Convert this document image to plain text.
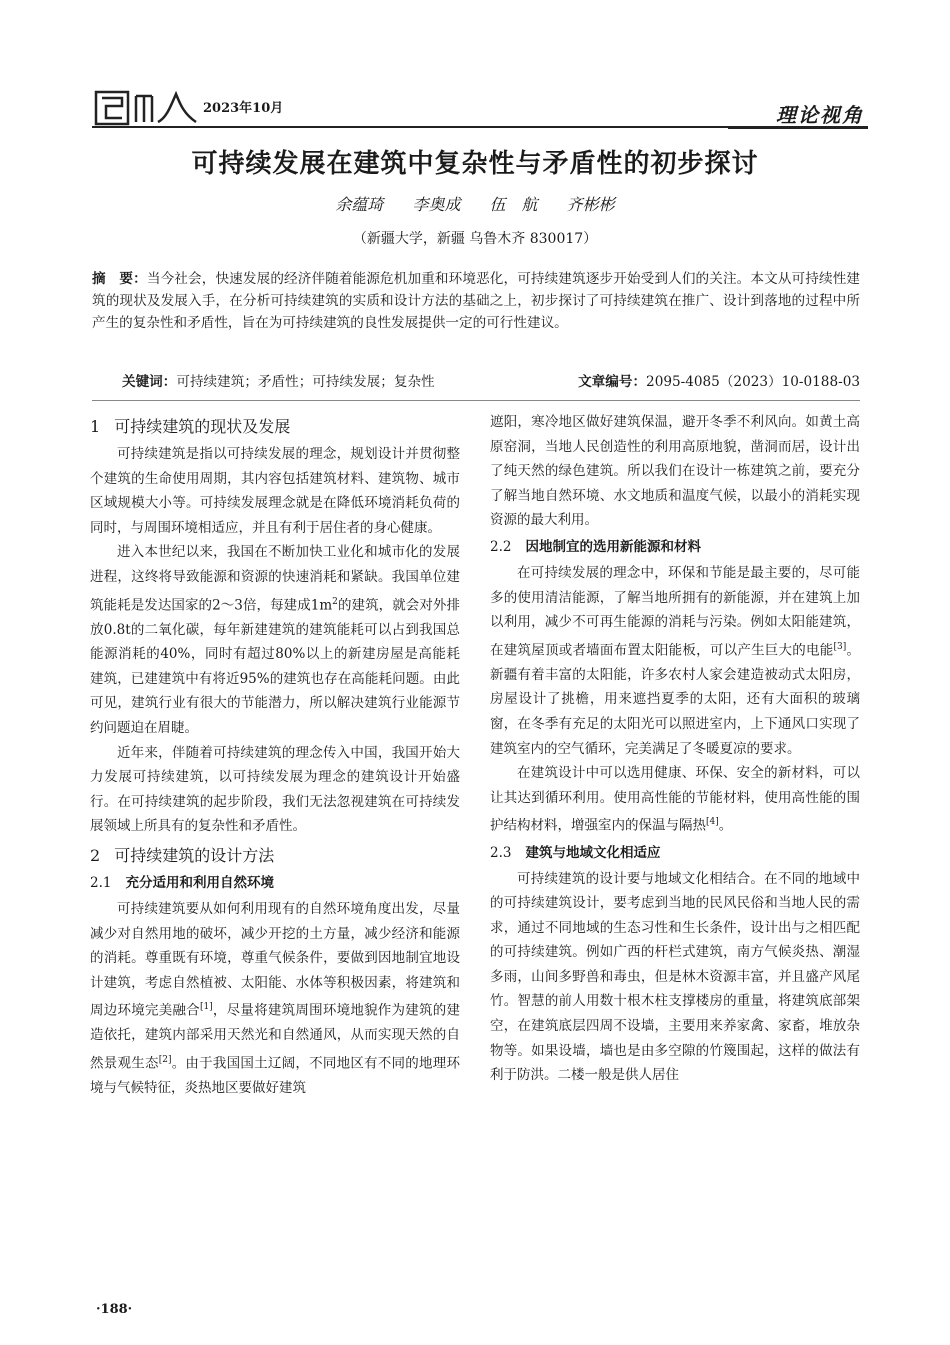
2023年10月	理论视角
可持续发展在建筑中复杂性与矛盾性的初步探讨
余蕴琦 李奥成 伍　航 齐彬彬
（新疆大学，新疆 乌鲁木齐 830017）
摘　要：当今社会，快速发展的经济伴随着能源危机加重和环境恶化，可持续建筑逐步开始受到人们的关注。本文从可持续性建筑的现状及发展入手，在分析可持续建筑的实质和设计方法的基础之上，初步探讨了可持续建筑在推广、设计到落地的过程中所产生的复杂性和矛盾性，旨在为可持续建筑的良性发展提供一定的可行性建议。
关键词：可持续建筑；矛盾性；可持续发展；复杂性	文章编号：2095-4085（2023）10-0188-03
1 可持续建筑的现状及发展

可持续建筑是指以可持续发展的理念，规划设计并贯彻整个建筑的生命使用周期，其内容包括建筑材料、建筑物、城市区域规模大小等。可持续发展理念就是在降低环境消耗负荷的同时，与周围环境相适应，并且有利于居住者的身心健康。

进入本世纪以来，我国在不断加快工业化和城市化的发展进程，这终将导致能源和资源的快速消耗和紧缺。我国单位建筑能耗是发达国家的2～3倍，每建成$1m^2$的建筑，就会对外排放0.8t的二氧化碳，每年新建建筑的建筑能耗可以占到我国总能源消耗的40%，同时有超过80%以上的新建房屋是高能耗建筑，已建建筑中有将近95%的建筑也存在高能耗问题。由此可见，建筑行业有很大的节能潜力，所以解决建筑行业能源节约问题迫在眉睫。

近年来，伴随着可持续建筑的理念传入中国，我国开始大力发展可持续建筑，以可持续发展为理念的建筑设计开始盛行。在可持续建筑的起步阶段，我们无法忽视建筑在可持续发展领域上所具有的复杂性和矛盾性。

2 可持续建筑的设计方法
2.1 充分适用和利用自然环境

可持续建筑要从如何利用现有的自然环境角度出发，尽量减少对自然用地的破坏，减少开挖的土方量，减少经济和能源的消耗。尊重既有环境，尊重气候条件，要做到因地制宜地设计建筑，考虑自然植被、太阳能、水体等积极因素，将建筑和周边环境完美融合[1]，尽量将建筑周围环境地貌作为建筑的建造依托，建筑内部采用天然光和自然通风，从而实现天然的自然景观生态[2]。由于我国国土辽阔，不同地区有不同的地理环境与气候特征，炎热地区要做好建筑

遮阳，寒冷地区做好建筑保温，避开冬季不利风向。如黄土高原窑洞，当地人民创造性的利用高原地貌，凿洞而居，设计出了纯天然的绿色建筑。所以我们在设计一栋建筑之前，要充分了解当地自然环境、水文地质和温度气候，以最小的消耗实现资源的最大利用。

2.2 因地制宜的选用新能源和材料

在可持续发展的理念中，环保和节能是最主要的，尽可能多的使用清洁能源，了解当地所拥有的新能源，并在建筑上加以利用，减少不可再生能源的消耗与污染。例如太阳能建筑，在建筑屋顶或者墙面布置太阳能板，可以产生巨大的电能[3]。新疆有着丰富的太阳能，许多农村人家会建造被动式太阳房，房屋设计了挑檐，用来遮挡夏季的太阳，还有大面积的玻璃窗，在冬季有充足的太阳光可以照进室内，上下通风口实现了建筑室内的空气循环，完美满足了冬暖夏凉的要求。

在建筑设计中可以选用健康、环保、安全的新材料，可以让其达到循环利用。使用高性能的节能材料，使用高性能的围护结构材料，增强室内的保温与隔热[4]。

2.3 建筑与地域文化相适应

可持续建筑的设计要与地域文化相结合。在不同的地域中的可持续建筑设计，要考虑到当地的民风民俗和当地人民的需求，通过不同地域的生态习性和生长条件，设计出与之相匹配的可持续建筑。例如广西的杆栏式建筑，南方气候炎热、潮湿多雨，山间多野兽和毒虫，但是林木资源丰富，并且盛产风尾竹。智慧的前人用数十根木柱支撑楼房的重量，将建筑底部架空，在建筑底层四周不设墙，主要用来养家禽、家畜，堆放杂物等。如果设墙，墙也是由多空隙的竹篾围起，这样的做法有利于防洪。二楼一般是供人居住

·188·
